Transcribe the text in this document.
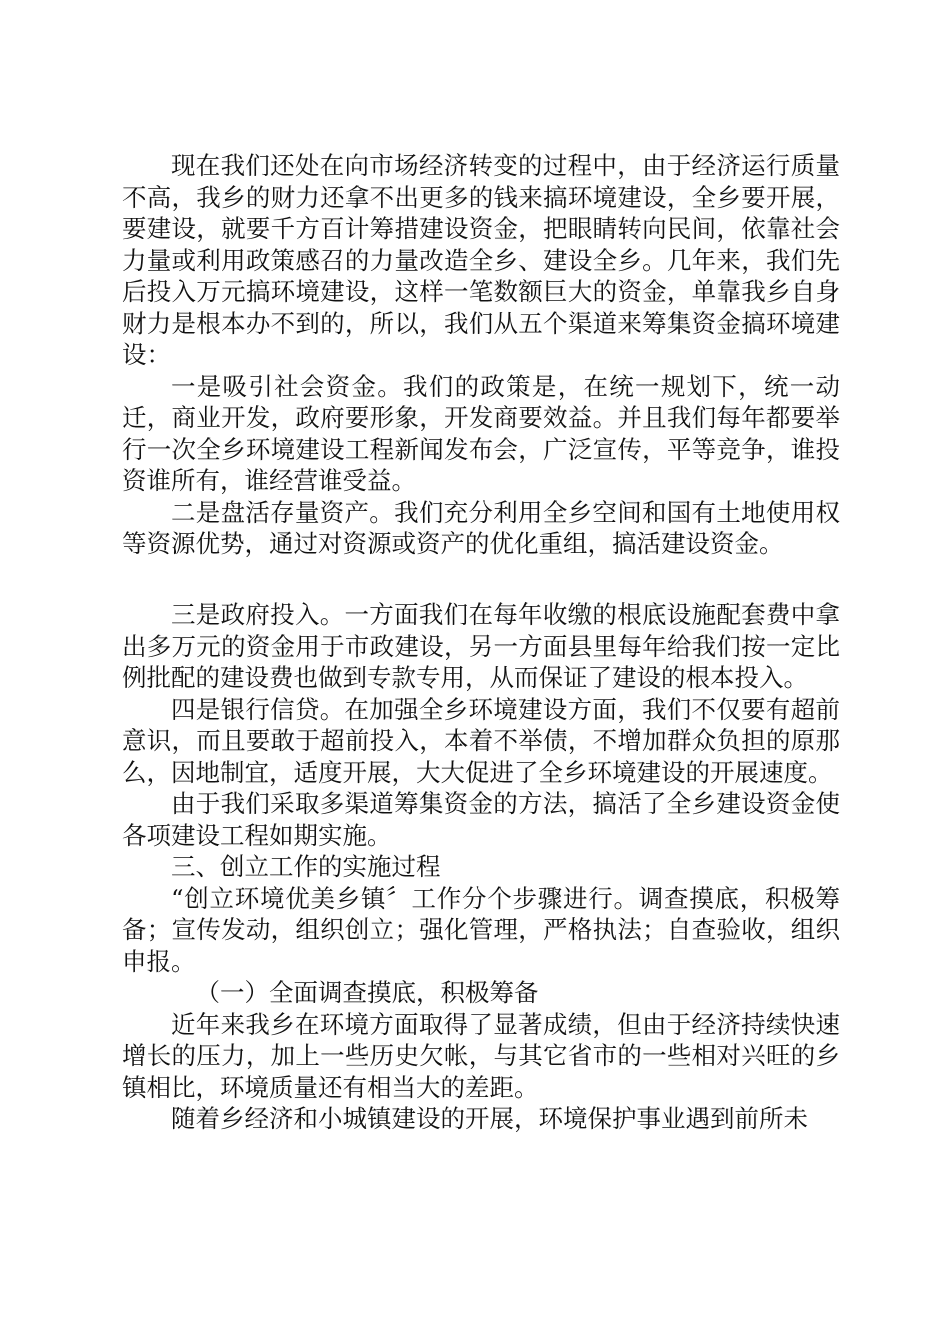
现在我们还处在向市场经济转变的过程中，由于经济运行质量不高，我乡的财力还拿不出更多的钱来搞环境建设，全乡要开展，要建设，就要千方百计筹措建设资金，把眼睛转向民间，依靠社会力量或利用政策感召的力量改造全乡、建设全乡。几年来，我们先后投入万元搞环境建设，这样一笔数额巨大的资金，单靠我乡自身财力是根本办不到的，所以，我们从五个渠道来筹集资金搞环境建设：

一是吸引社会资金。我们的政策是，在统一规划下，统一动迁，商业开发，政府要形象，开发商要效益。并且我们每年都要举行一次全乡环境建设工程新闻发布会，广泛宣传，平等竞争，谁投资谁所有，谁经营谁受益。

二是盘活存量资产。我们充分利用全乡空间和国有土地使用权等资源优势，通过对资源或资产的优化重组，搞活建设资金。

三是政府投入。一方面我们在每年收缴的根底设施配套费中拿出多万元的资金用于市政建设，另一方面县里每年给我们按一定比例批配的建设费也做到专款专用，从而保证了建设的根本投入。

四是银行信贷。在加强全乡环境建设方面，我们不仅要有超前意识，而且要敢于超前投入，本着不举债，不增加群众负担的原那么，因地制宜，适度开展，大大促进了全乡环境建设的开展速度。

由于我们采取多渠道筹集资金的方法，搞活了全乡建设资金使各项建设工程如期实施。

三、创立工作的实施过程

“创立环境优美乡镇〞工作分个步骤进行。调查摸底，积极筹备；宣传发动，组织创立；强化管理，严格执法；自查验收，组织申报。

（一）全面调查摸底，积极筹备

近年来我乡在环境方面取得了显著成绩，但由于经济持续快速增长的压力，加上一些历史欠帐，与其它省市的一些相对兴旺的乡镇相比，环境质量还有相当大的差距。

随着乡经济和小城镇建设的开展，环境保护事业遇到前所未
